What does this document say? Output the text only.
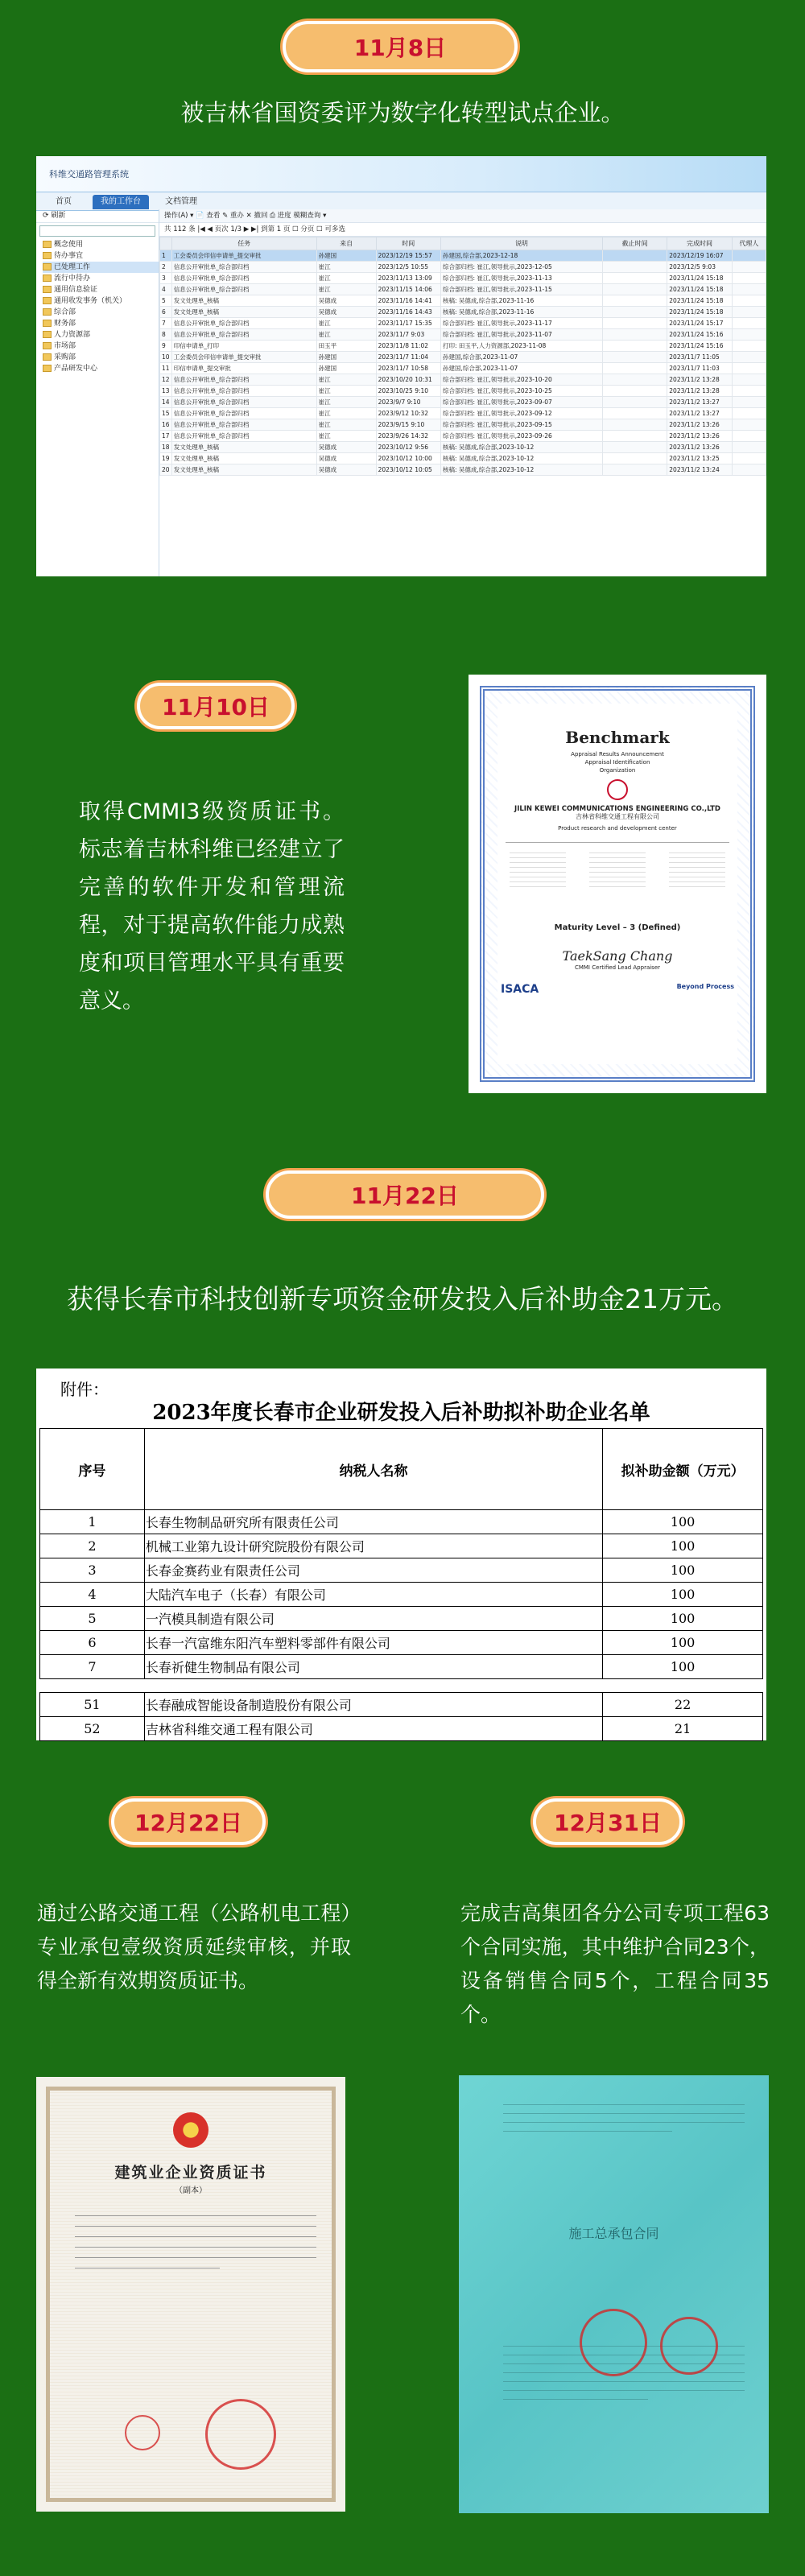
11月8日
被吉林省国资委评为数字化转型试点企业。
科维交通路管理系统
首页	我的工作台	文档管理
⟳ 刷新
概念使用
待办事宜
已处理工作
流行中待办
通用信息验证
通用收发事务（机关）
综合部
财务部
人力资源部
市场部
采购部
产品研发中心
操作(A) ▾ 📄 查看 ✎ 重办 ✕ 撤回 ⎙ 进度 模糊查询 ▾
共 112 条 |◀ ◀ 页次 1/3 ▶ ▶| 到第 1 页 ☐ 分页 ☐ 可多选
	任务	来自	时间	说明	截止时间	完成时间	代理人
1	工会委员会印信申请单_提交审批	孙建国	2023/12/19 15:57	孙建国,综合部,2023-12-18		2023/12/19 16:07	
2	信息公开审批单_综合部归档	崔江	2023/12/5 10:55	综合部归档: 崔江,领导批示,2023-12-05		2023/12/5 9:03	
3	信息公开审批单_综合部归档	崔江	2023/11/13 13:09	综合部归档: 崔江,领导批示,2023-11-13		2023/11/24 15:18	
4	信息公开审批单_综合部归档	崔江	2023/11/15 14:06	综合部归档: 崔江,领导批示,2023-11-15		2023/11/24 15:18	
5	发文处理单_核稿	吴德成	2023/11/16 14:41	核稿: 吴德成,综合部,2023-11-16		2023/11/24 15:18	
6	发文处理单_核稿	吴德成	2023/11/16 14:43	核稿: 吴德成,综合部,2023-11-16		2023/11/24 15:18	
7	信息公开审批单_综合部归档	崔江	2023/11/17 15:35	综合部归档: 崔江,领导批示,2023-11-17		2023/11/24 15:17	
8	信息公开审批单_综合部归档	崔江	2023/11/7 9:03	综合部归档: 崔江,领导批示,2023-11-07		2023/11/24 15:16	
9	印信申请单_打印	田玉平	2023/11/8 11:02	打印: 田玉平,人力资源部,2023-11-08		2023/11/24 15:16	
10	工会委员会印信申请单_提交审批	孙建国	2023/11/7 11:04	孙建国,综合部,2023-11-07		2023/11/7 11:05	
11	印信申请单_提交审批	孙建国	2023/11/7 10:58	孙建国,综合部,2023-11-07		2023/11/7 11:03	
12	信息公开审批单_综合部归档	崔江	2023/10/20 10:31	综合部归档: 崔江,领导批示,2023-10-20		2023/11/2 13:28	
13	信息公开审批单_综合部归档	崔江	2023/10/25 9:10	综合部归档: 崔江,领导批示,2023-10-25		2023/11/2 13:28	
14	信息公开审批单_综合部归档	崔江	2023/9/7 9:10	综合部归档: 崔江,领导批示,2023-09-07		2023/11/2 13:27	
15	信息公开审批单_综合部归档	崔江	2023/9/12 10:32	综合部归档: 崔江,领导批示,2023-09-12		2023/11/2 13:27	
16	信息公开审批单_综合部归档	崔江	2023/9/15 9:10	综合部归档: 崔江,领导批示,2023-09-15		2023/11/2 13:26	
17	信息公开审批单_综合部归档	崔江	2023/9/26 14:32	综合部归档: 崔江,领导批示,2023-09-26		2023/11/2 13:26	
18	发文处理单_核稿	吴德成	2023/10/12 9:56	核稿: 吴德成,综合部,2023-10-12		2023/11/2 13:26	
19	发文处理单_核稿	吴德成	2023/10/12 10:00	核稿: 吴德成,综合部,2023-10-12		2023/11/2 13:25	
20	发文处理单_核稿	吴德成	2023/10/12 10:05	核稿: 吴德成,综合部,2023-10-12		2023/11/2 13:24	
11月10日
取得CMMI3级资质证书。标志着吉林科维已经建立了完善的软件开发和管理流程，对于提高软件能力成熟度和项目管理水平具有重要意义。
Benchmark
Appraisal Results Announcement
Appraisal Identification
Organization
JILIN KEWEI COMMUNICATIONS ENGINEERING CO.,LTD
吉林省科维交通工程有限公司
Product research and development center
Maturity Level – 3 (Defined)
TaekSang Chang
CMMI Certified Lead Appraiser
ISACA	Beyond Process
11月22日
获得长春市科技创新专项资金研发投入后补助金21万元。
附件：
2023年度长春市企业研发投入后补助拟补助企业名单
序号	纳税人名称	拟补助金额（万元）
1	长春生物制品研究所有限责任公司	100
2	机械工业第九设计研究院股份有限公司	100
3	长春金赛药业有限责任公司	100
4	大陆汽车电子（长春）有限公司	100
5	一汽模具制造有限公司	100
6	长春一汽富维东阳汽车塑料零部件有限公司	100
7	长春祈健生物制品有限公司	100

51	长春融成智能设备制造股份有限公司	22
52	吉林省科维交通工程有限公司	21
12月22日	12月31日
通过公路交通工程（公路机电工程）专业承包壹级资质延续审核，并取得全新有效期资质证书。
完成吉高集团各分公司专项工程63个合同实施，其中维护合同23个，设备销售合同5个，工程合同35个。
建筑业企业资质证书
（副本）
施工总承包合同
